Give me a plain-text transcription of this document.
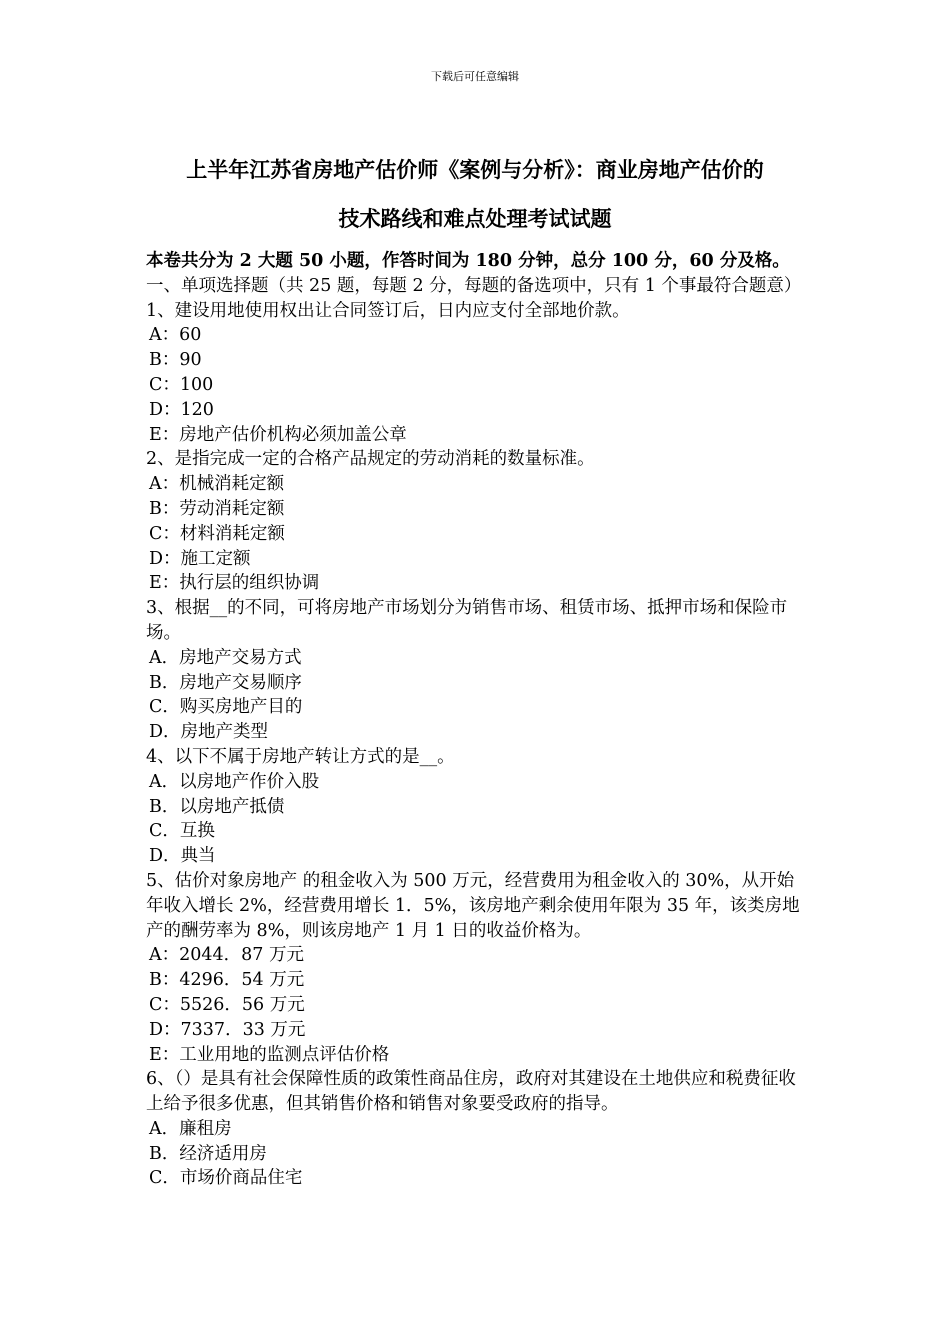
下载后可任意编辑
上半年江苏省房地产估价师《案例与分析》：商业房地产估价的
技术路线和难点处理考试试题
本卷共分为 2 大题 50 小题，作答时间为 180 分钟，总分 100 分，60 分及格。
一、单项选择题（共 25 题，每题 2 分，每题的备选项中，只有 1 个事最符合题意）
1、建设用地使用权出让合同签订后，日内应支付全部地价款。
A：60
B：90
C：100
D：120
E：房地产估价机构必须加盖公章
2、是指完成一定的合格产品规定的劳动消耗的数量标准。
A：机械消耗定额
B：劳动消耗定额
C：材料消耗定额
D：施工定额
E：执行层的组织协调
3、根据__的不同，可将房地产市场划分为销售市场、租赁市场、抵押市场和保险市场。
A．房地产交易方式
B．房地产交易顺序
C．购买房地产目的
D．房地产类型
4、以下不属于房地产转让方式的是__。
A．以房地产作价入股
B．以房地产抵债
C．互换
D．典当
5、估价对象房地产 的租金收入为 500 万元，经营费用为租金收入的 30%，从开始年收入增长 2%，经营费用增长 1．5%，该房地产剩余使用年限为 35 年，该类房地产的酬劳率为 8%，则该房地产 1 月 1 日的收益价格为。
A：2044．87 万元
B：4296．54 万元
C：5526．56 万元
D：7337．33 万元
E：工业用地的监测点评估价格
6、（）是具有社会保障性质的政策性商品住房，政府对其建设在土地供应和税费征收上给予很多优惠，但其销售价格和销售对象要受政府的指导。
A．廉租房
B．经济适用房
C．市场价商品住宅
